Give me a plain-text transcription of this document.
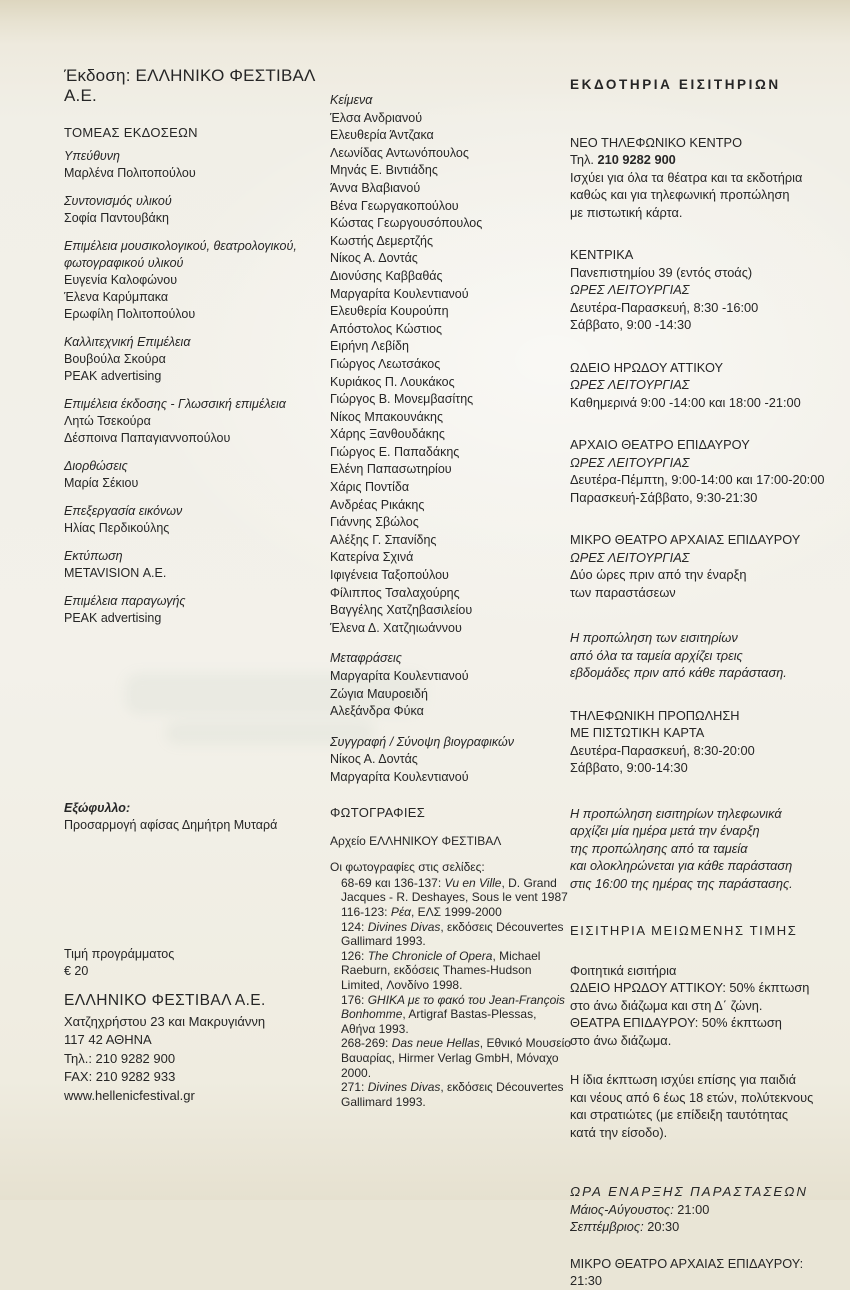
Έκδοση: ΕΛΛΗΝΙΚΟ ΦΕΣΤΙΒΑΛ Α.Ε.
ΤΟΜΕΑΣ ΕΚΔΟΣΕΩΝ
Υπεύθυνη
Μαρλένα Πολιτοπούλου
Συντονισμός υλικού
Σοφία Παντουβάκη
Επιμέλεια μουσικολογικού, θεατρολογικού, φωτογραφικού υλικού
Ευγενία Καλοφώνου
Έλενα Καρύμπακα
Ερωφίλη Πολιτοπούλου
Καλλιτεχνική Επιμέλεια
Βουβούλα Σκούρα
PEAK advertising
Επιμέλεια έκδοσης - Γλωσσική επιμέλεια
Λητώ Τσεκούρα
Δέσποινα Παπαγιαννοπούλου
Διορθώσεις
Μαρία Σέκιου
Επεξεργασία εικόνων
Ηλίας Περδικούλης
Εκτύπωση
METAVISION Α.Ε.
Επιμέλεια παραγωγής
PEAK advertising
Εξώφυλλο:
Προσαρμογή αφίσας Δημήτρη Μυταρά
Τιμή προγράμματος
€ 20
ΕΛΛΗΝΙΚΟ ΦΕΣΤΙΒΑΛ Α.Ε.
Χατζηχρήστου 23 και Μακρυγιάννη
117 42 ΑΘΗΝΑ
Τηλ.: 210 9282 900
FAX: 210 9282 933
www.hellenicfestival.gr
Κείμενα
Έλσα Ανδριανού
Ελευθερία Άντζακα
Λεωνίδας Αντωνόπουλος
Μηνάς Ε. Βιντιάδης
Άννα Βλαβιανού
Βένα Γεωργακοπούλου
Κώστας Γεωργουσόπουλος
Κωστής Δεμερτζής
Νίκος Α. Δοντάς
Διονύσης Καββαθάς
Μαργαρίτα Κουλεντιανού
Ελευθερία Κουρούπη
Απόστολος Κώστιος
Ειρήνη Λεβίδη
Γιώργος Λεωτσάκος
Κυριάκος Π. Λουκάκος
Γιώργος Β. Μονεμβασίτης
Νίκος Μπακουνάκης
Χάρης Ξανθουδάκης
Γιώργος Ε. Παπαδάκης
Ελένη Παπασωτηρίου
Χάρις Ποντίδα
Ανδρέας Ρικάκης
Γιάννης Σβώλος
Αλέξης Γ. Σπανίδης
Κατερίνα Σχινά
Ιφιγένεια Ταξοπούλου
Φίλιππος Τσαλαχούρης
Βαγγέλης Χατζηβασιλείου
Έλενα Δ. Χατζηιωάννου
Μεταφράσεις
Μαργαρίτα Κουλεντιανού
Ζώγια Μαυροειδή
Αλεξάνδρα Φύκα
Συγγραφή / Σύνοψη βιογραφικών
Νίκος Α. Δοντάς
Μαργαρίτα Κουλεντιανού
ΦΩΤΟΓΡΑΦΙΕΣ
Αρχείο ΕΛΛΗΝΙΚΟΥ ΦΕΣΤΙΒΑΛ
Οι φωτογραφίες στις σελίδες:
68-69 και 136-137: Vu en Ville, D. Grand Jacques - R. Deshayes, Sous le vent 1987
116-123: Ρέα, ΕΛΣ 1999-2000
124: Divines Divas, εκδόσεις Découvertes Gallimard 1993.
126: The Chronicle of Opera, Michael Raeburn, εκδόσεις Thames-Hudson Limited, Λονδίνο 1998.
176: GHIKA με το φακό του Jean-François Bonhomme, Artigraf Bastas-Plessas, Αθήνα 1993.
268-269: Das neue Hellas, Εθνικό Μουσείο Βαυαρίας, Hirmer Verlag GmbH, Μόναχο 2000.
271: Divines Divas, εκδόσεις Découvertes Gallimard 1993.
ΕΚΔΟΤΗΡΙΑ ΕΙΣΙΤΗΡΙΩΝ
ΝΕΟ ΤΗΛΕΦΩΝΙΚΟ ΚΕΝΤΡΟ
Τηλ. 210 9282 900
Ισχύει για όλα τα θέατρα και τα εκδοτήρια
καθώς και για τηλεφωνική προπώληση
με πιστωτική κάρτα.
ΚΕΝΤΡΙΚΑ
Πανεπιστημίου 39 (εντός στοάς)
ΩΡΕΣ ΛΕΙΤΟΥΡΓΙΑΣ
Δευτέρα-Παρασκευή, 8:30 -16:00
Σάββατο, 9:00 -14:30
ΩΔΕΙΟ ΗΡΩΔΟΥ ΑΤΤΙΚΟΥ
ΩΡΕΣ ΛΕΙΤΟΥΡΓΙΑΣ
Καθημερινά 9:00 -14:00 και 18:00 -21:00
ΑΡΧΑΙΟ ΘΕΑΤΡΟ ΕΠΙΔΑΥΡΟΥ
ΩΡΕΣ ΛΕΙΤΟΥΡΓΙΑΣ
Δευτέρα-Πέμπτη, 9:00-14:00 και 17:00-20:00
Παρασκευή-Σάββατο, 9:30-21:30
ΜΙΚΡΟ ΘΕΑΤΡΟ ΑΡΧΑΙΑΣ ΕΠΙΔΑΥΡΟΥ
ΩΡΕΣ ΛΕΙΤΟΥΡΓΙΑΣ
Δύο ώρες πριν από την έναρξη
των παραστάσεων
Η προπώληση των εισιτηρίων
από όλα τα ταμεία αρχίζει τρεις
εβδομάδες πριν από κάθε παράσταση.
ΤΗΛΕΦΩΝΙΚΗ ΠΡΟΠΩΛΗΣΗ
ΜΕ ΠΙΣΤΩΤΙΚΗ ΚΑΡΤΑ
Δευτέρα-Παρασκευή, 8:30-20:00
Σάββατο, 9:00-14:30
Η προπώληση εισιτηρίων τηλεφωνικά
αρχίζει μία ημέρα μετά την έναρξη
της προπώλησης από τα ταμεία
και ολοκληρώνεται για κάθε παράσταση
στις 16:00 της ημέρας της παράστασης.
ΕΙΣΙΤΗΡΙΑ ΜΕΙΩΜΕΝΗΣ ΤΙΜΗΣ
Φοιτητικά εισιτήρια
ΩΔΕΙΟ ΗΡΩΔΟΥ ΑΤΤΙΚΟΥ: 50% έκπτωση
στο άνω διάζωμα και στη Δ΄ ζώνη.
ΘΕΑΤΡΑ ΕΠΙΔΑΥΡΟΥ: 50% έκπτωση
στο άνω διάζωμα.
Η ίδια έκπτωση ισχύει επίσης για παιδιά
και νέους από 6 έως 18 ετών, πολύτεκνους
και στρατιώτες (με επίδειξη ταυτότητας
κατά την είσοδο).
ΩΡΑ ΕΝΑΡΞΗΣ ΠΑΡΑΣΤΑΣΕΩΝ
Μάιος-Αύγουστος: 21:00
Σεπτέμβριος: 20:30
ΜΙΚΡΟ ΘΕΑΤΡΟ ΑΡΧΑΙΑΣ ΕΠΙΔΑΥΡΟΥ: 21:30
